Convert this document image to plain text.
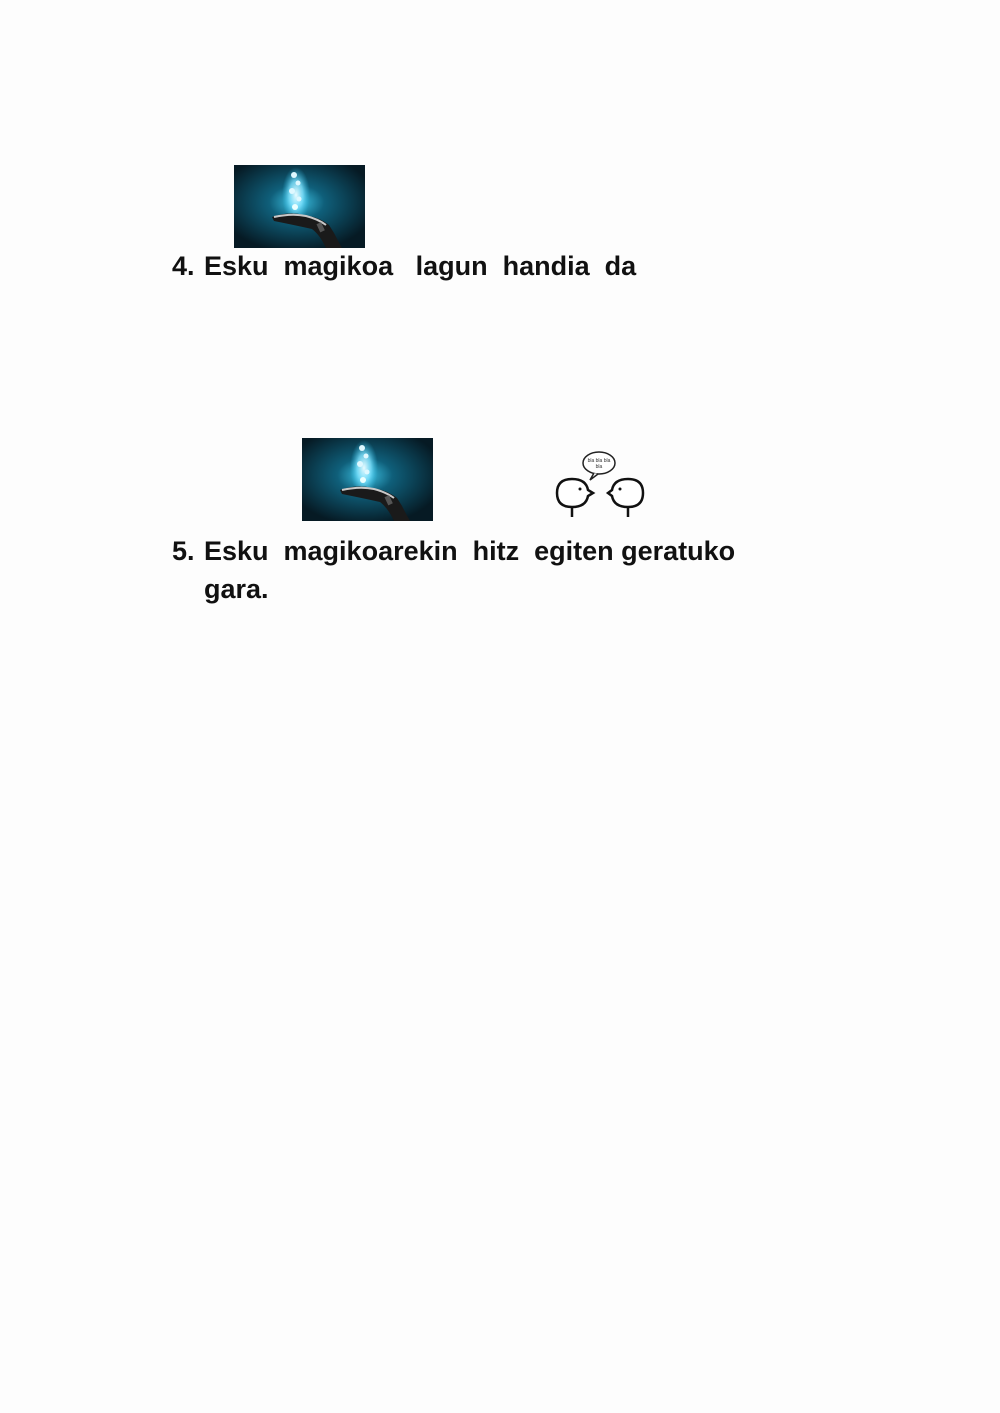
4. Esku  magikoa   lagun  handia  da
bla bla bla
bla
5. Esku  magikoarekin  hitz  egiten geratuko gara.
